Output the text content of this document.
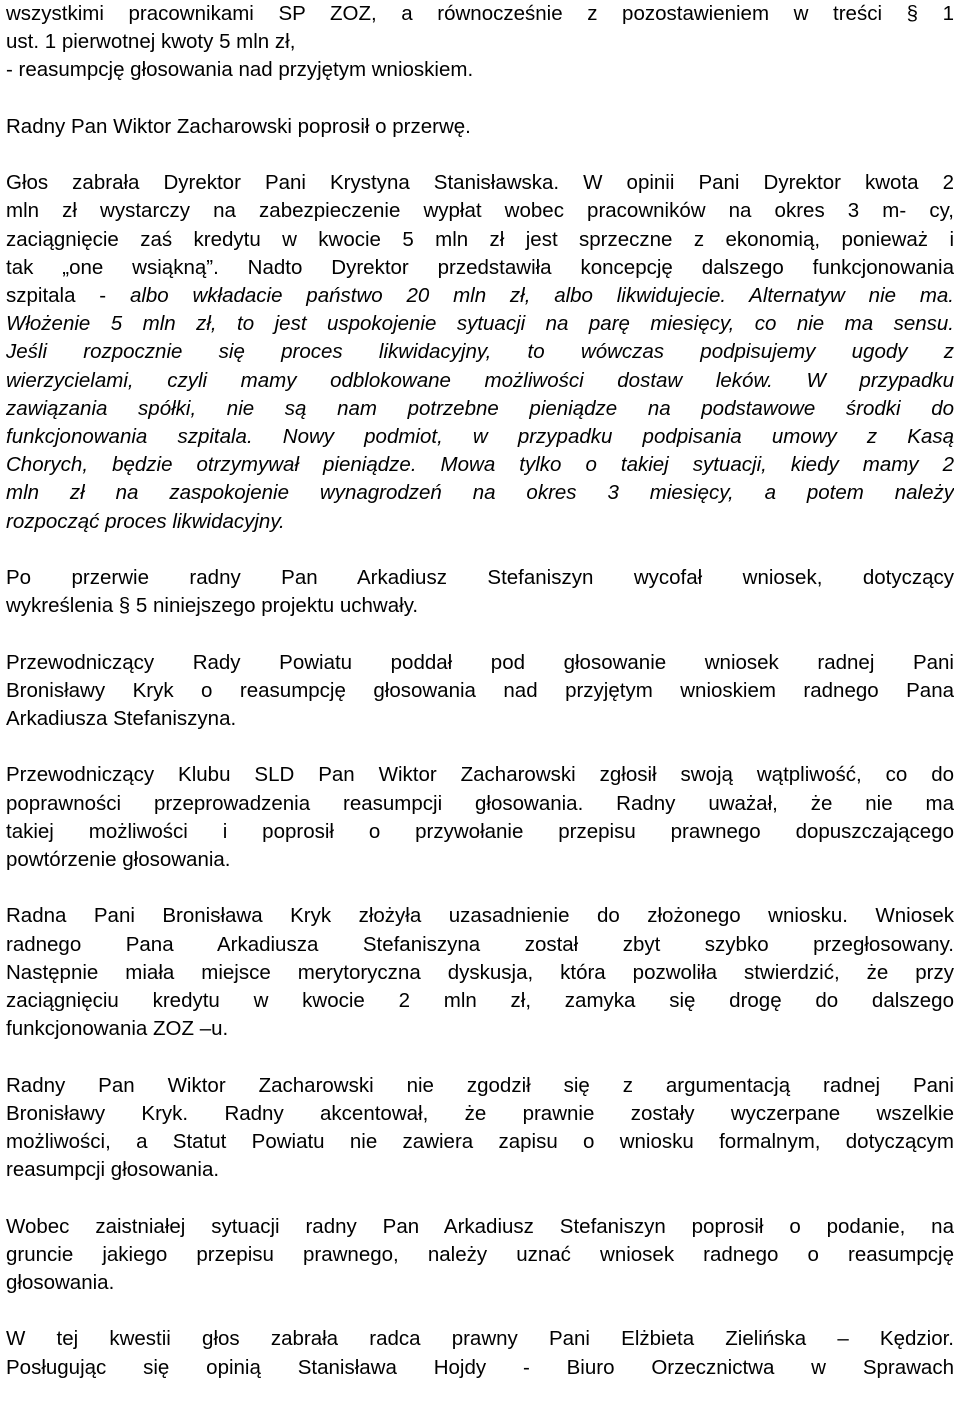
wszystkimi pracownikami SP ZOZ, a równocześnie z pozostawieniem w treści § 1
ust. 1 pierwotnej kwoty 5 mln zł,
- reasumpcję głosowania nad przyjętym wnioskiem.
Radny Pan Wiktor Zacharowski poprosił o przerwę.
Głos zabrała Dyrektor Pani Krystyna Stanisławska. W opinii Pani Dyrektor kwota 2
mln zł wystarczy na zabezpieczenie wypłat wobec pracowników na okres 3 m- cy,
zaciągnięcie zaś kredytu w kwocie 5 mln zł jest sprzeczne z ekonomią, ponieważ i
tak „one wsiąkną”. Nadto Dyrektor przedstawiła koncepcję dalszego funkcjonowania
szpitala - albo wkładacie państwo 20 mln zł, albo likwidujecie. Alternatyw nie ma.
Włożenie 5 mln zł, to jest uspokojenie sytuacji na parę miesięcy, co nie ma sensu.
Jeśli rozpocznie się proces likwidacyjny, to wówczas podpisujemy ugody z
wierzycielami, czyli mamy odblokowane możliwości dostaw leków. W przypadku
zawiązania spółki, nie są nam potrzebne pieniądze na podstawowe środki do
funkcjonowania szpitala. Nowy podmiot, w przypadku podpisania umowy z Kasą
Chorych, będzie otrzymywał pieniądze. Mowa tylko o takiej sytuacji, kiedy mamy 2
mln zł na zaspokojenie wynagrodzeń na okres 3 miesięcy, a potem należy
rozpocząć proces likwidacyjny.
Po przerwie radny Pan Arkadiusz Stefaniszyn wycofał wniosek, dotyczący
wykreślenia § 5 niniejszego projektu uchwały.
Przewodniczący Rady Powiatu poddał pod głosowanie wniosek radnej Pani
Bronisławy Kryk o reasumpcję głosowania nad przyjętym wnioskiem radnego Pana
Arkadiusza Stefaniszyna.
Przewodniczący Klubu SLD Pan Wiktor Zacharowski zgłosił swoją wątpliwość, co do
poprawności przeprowadzenia reasumpcji głosowania. Radny uważał, że nie ma
takiej możliwości i poprosił o przywołanie przepisu prawnego dopuszczającego
powtórzenie głosowania.
Radna Pani Bronisława Kryk złożyła uzasadnienie do złożonego wniosku. Wniosek
radnego Pana Arkadiusza Stefaniszyna został zbyt szybko przegłosowany.
Następnie miała miejsce merytoryczna dyskusja, która pozwoliła stwierdzić, że przy
zaciągnięciu kredytu w kwocie 2 mln zł, zamyka się drogę do dalszego
funkcjonowania ZOZ –u.
Radny Pan Wiktor Zacharowski nie zgodził się z argumentacją radnej Pani
Bronisławy Kryk. Radny akcentował, że prawnie zostały wyczerpane wszelkie
możliwości, a Statut Powiatu nie zawiera zapisu o wniosku formalnym, dotyczącym
reasumpcji głosowania.
Wobec zaistniałej sytuacji radny Pan Arkadiusz Stefaniszyn poprosił o podanie, na
gruncie jakiego przepisu prawnego, należy uznać wniosek radnego o reasumpcję
głosowania.
W tej kwestii głos zabrała radca prawny Pani Elżbieta Zielińska – Kędzior.
Posługując się opinią Stanisława Hojdy - Biuro Orzecznictwa w Sprawach
